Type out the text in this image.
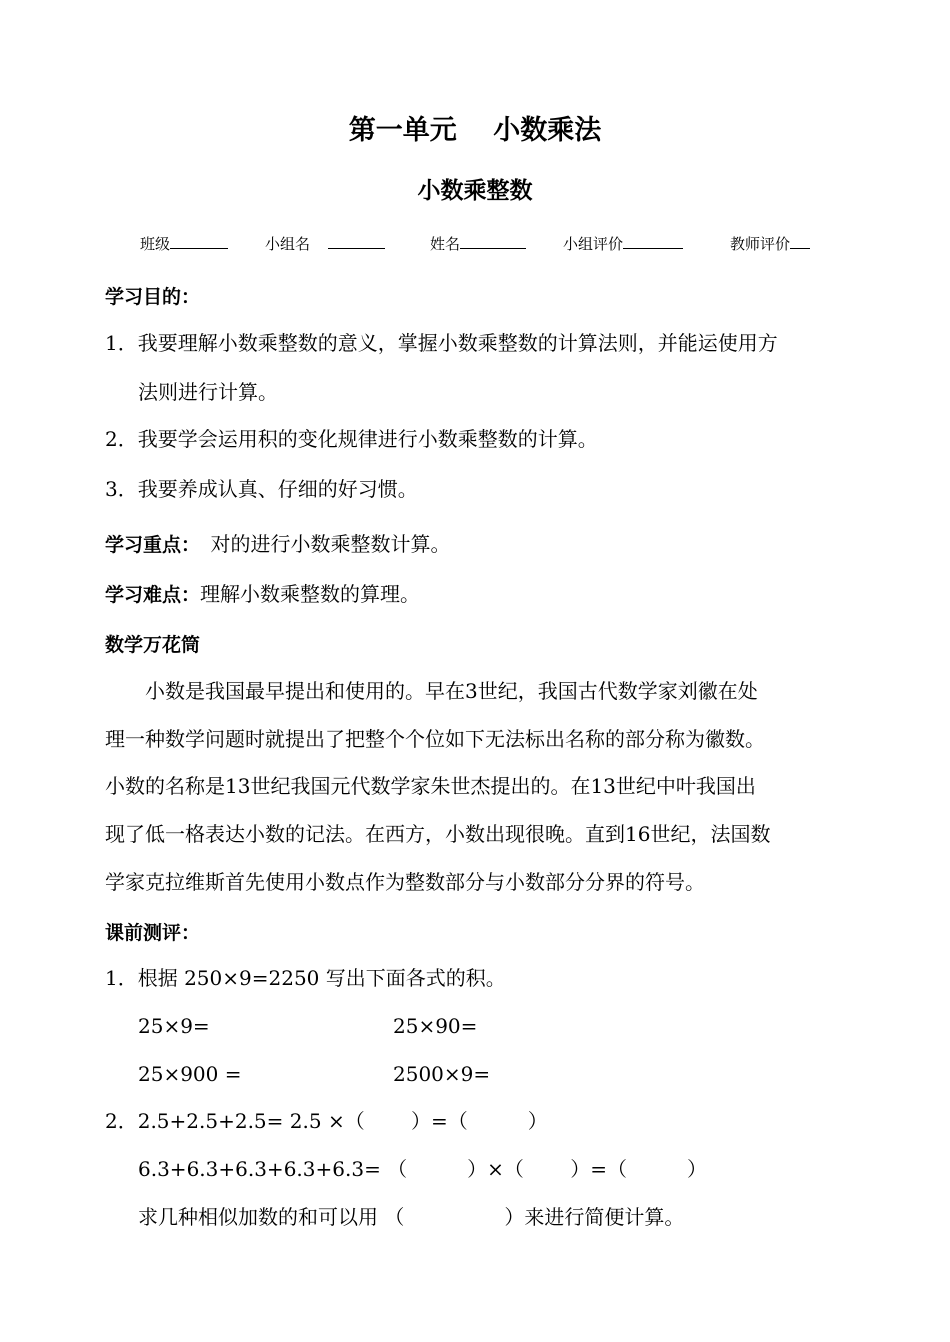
第一单元　 小数乘法
小数乘整数
班级	小组名	姓名	小组评价	教师评价
学习目的：
1．我要理解小数乘整数的意义，掌握小数乘整数的计算法则，并能运使用方
法则进行计算。
2．我要学会运用积的变化规律进行小数乘整数的计算。
3．我要养成认真、仔细的好习惯。
学习重点：　对的进行小数乘整数计算。
学习难点：理解小数乘整数的算理。
数学万花筒
　　小数是我国最早提出和使用的。早在3世纪，我国古代数学家刘徽在处
理一种数学问题时就提出了把整个个位如下无法标出名称的部分称为徽数。
小数的名称是13世纪我国元代数学家朱世杰提出的。在13世纪中叶我国出
现了低一格表达小数的记法。在西方，小数出现很晚。直到16世纪，法国数
学家克拉维斯首先使用小数点作为整数部分与小数部分分界的符号。
课前测评：
1．根据 250×9=2250 写出下面各式的积。
25×9=	25×90=
25×900 =	2500×9=
2．2.5+2.5+2.5= 2.5 ×（　　 ）=（　　　）
6.3+6.3+6.3+6.3+6.3= （　　　）×（　　 ）=（　　　）
求几种相似加数的和可以用 （　　　　　）来进行简便计算。
